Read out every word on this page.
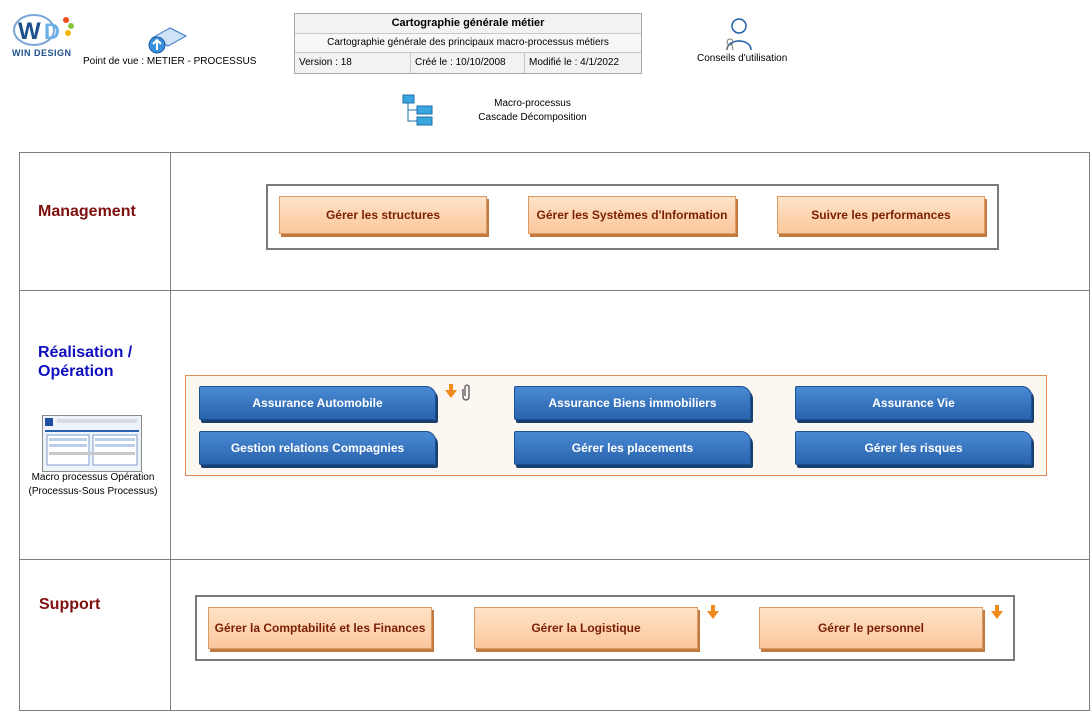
W D
WIN DESIGN
Point de vue : METIER - PROCESSUS
Cartographie générale métier
Cartographie générale des principaux macro-processus métiers
Version : 18	Créé le : 10/10/2008	Modifié le : 4/1/2022	Conseils d'utilisation
Macro-processus
Cascade Décomposition
Management	Gérer les structures	Gérer les Systèmes d'Information	Suivre les performances
Réalisation /
Opération
Macro processus Opération
(Processus-Sous Processus)
Assurance Automobile	Assurance Biens immobiliers	Assurance Vie
Gestion relations Compagnies	Gérer les placements	Gérer les risques
Support
Gérer la Comptabilité et les Finances	Gérer la Logistique	Gérer le personnel
